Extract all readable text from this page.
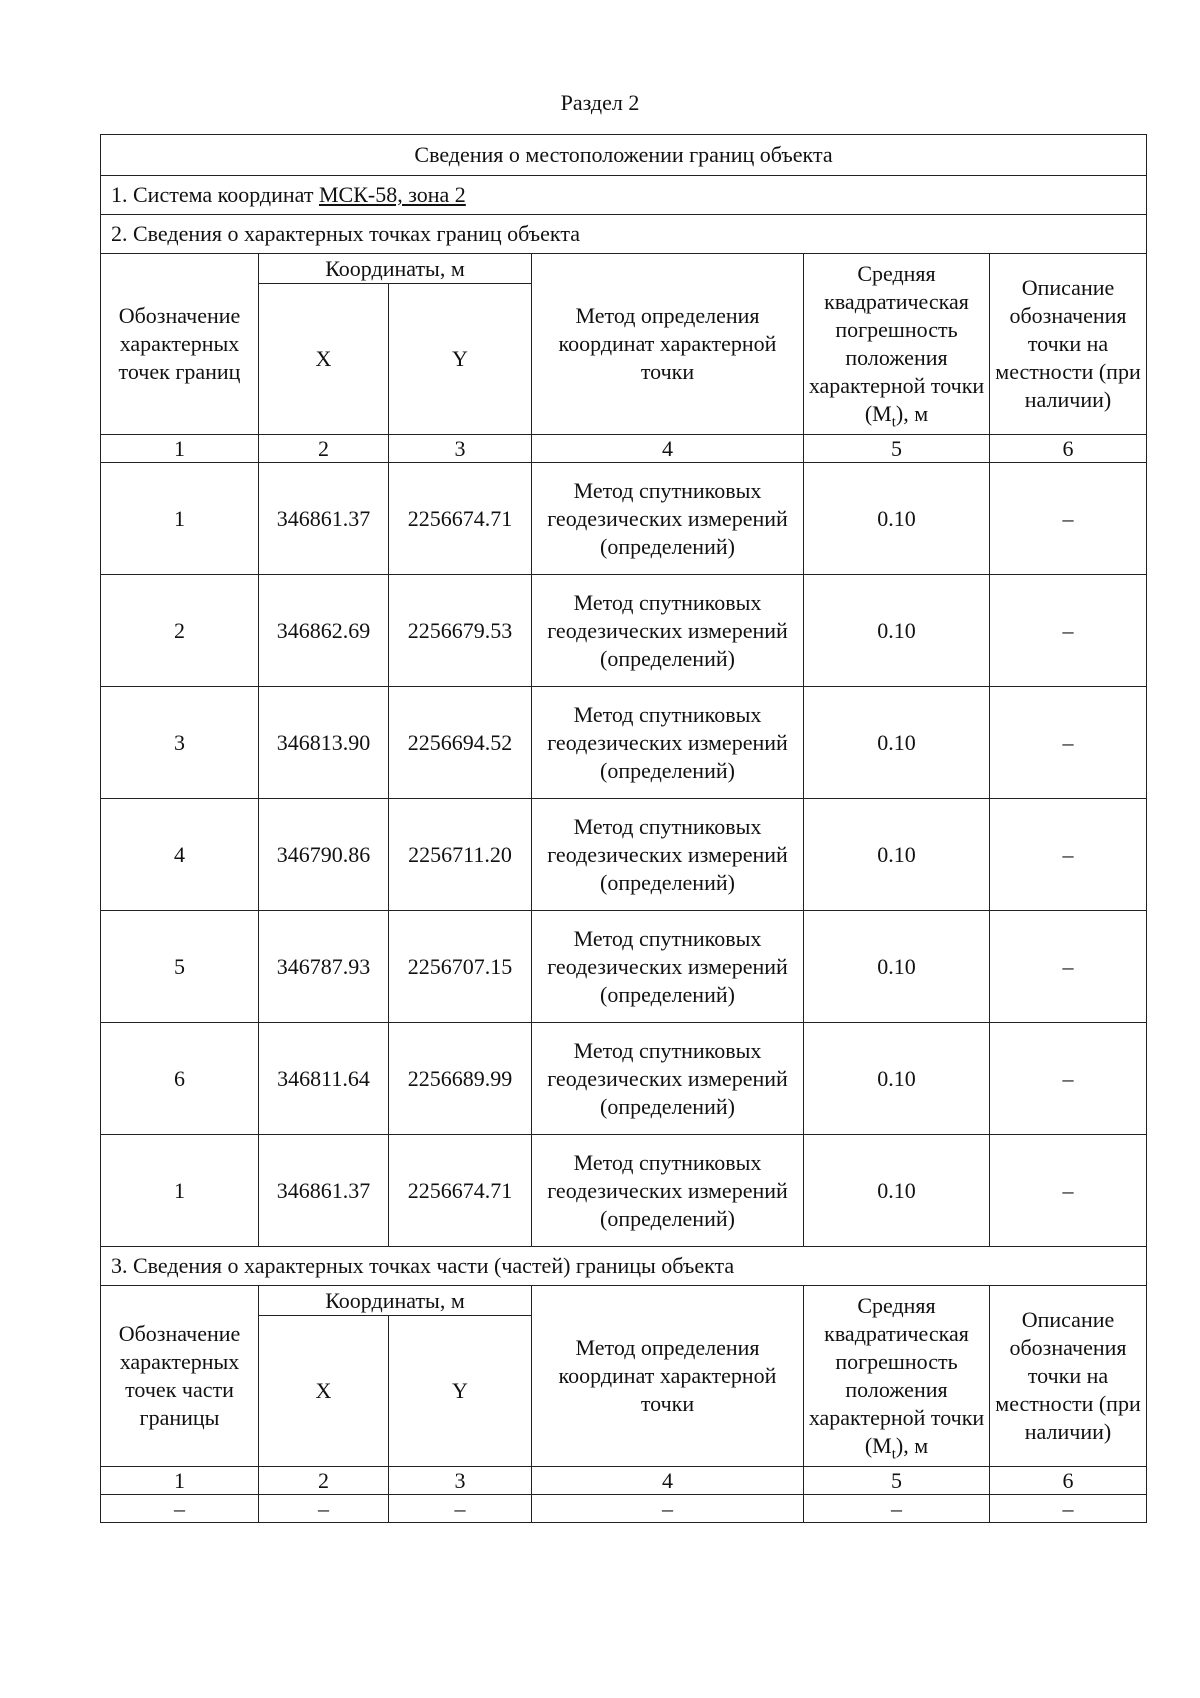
Раздел 2
Сведения о местоположении границ объекта					
1. Система координат МСК-58, зона 2					
2. Сведения о характерных точках границ объекта					
Обозначение характерных точек границ	Координаты, м		Метод определения координат характерной точки	Средняя квадратическая погрешность положения характерной точки $(M_t)$, м	Описание обозначения точки на местности (при наличии)
	X	Y			
1	2	3	4	5	6
1	346861.37	2256674.71	Метод спутниковых геодезических измерений (определений)	0.10	–
2	346862.69	2256679.53	Метод спутниковых геодезических измерений (определений)	0.10	–
3	346813.90	2256694.52	Метод спутниковых геодезических измерений (определений)	0.10	–
4	346790.86	2256711.20	Метод спутниковых геодезических измерений (определений)	0.10	–
5	346787.93	2256707.15	Метод спутниковых геодезических измерений (определений)	0.10	–
6	346811.64	2256689.99	Метод спутниковых геодезических измерений (определений)	0.10	–
1	346861.37	2256674.71	Метод спутниковых геодезических измерений (определений)	0.10	–
3. Сведения о характерных точках части (частей) границы объекта					
Обозначение характерных точек части границы	Координаты, м		Метод определения координат характерной точки	Средняя квадратическая погрешность положения характерной точки $(M_t)$, м	Описание обозначения точки на местности (при наличии)
	X	Y			
1	2	3	4	5	6
–	–	–	–	–	–
